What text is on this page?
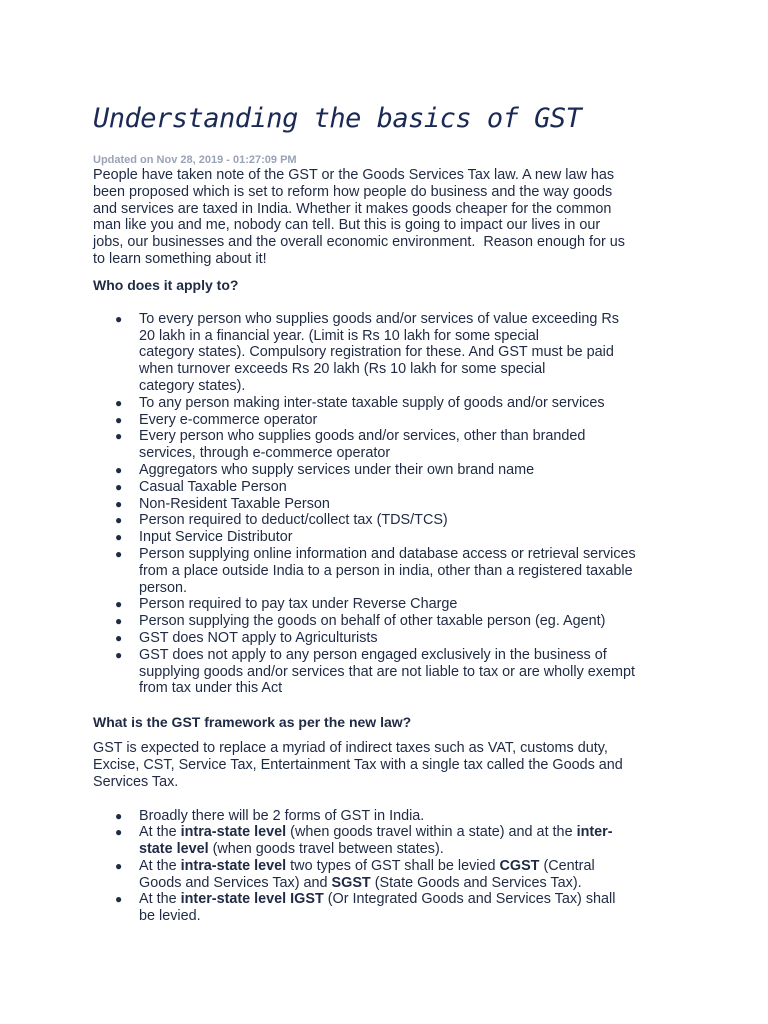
Understanding the basics of GST
Updated on Nov 28, 2019 - 01:27:09 PM

People have taken note of the GST or the Goods Services Tax law. A new law has

been proposed which is set to reform how people do business and the way goods

and services are taxed in India. Whether it makes goods cheaper for the common

man like you and me, nobody can tell. But this is going to impact our lives in our

jobs, our businesses and the overall economic environment.  Reason enough for us

to learn something about it!

Who does it apply to?
● To every person who supplies goods and/or services of value exceeding Rs
20 lakh in a financial year. (Limit is Rs 10 lakh for some special
category states). Compulsory registration for these. And GST must be paid
when turnover exceeds Rs 20 lakh (Rs 10 lakh for some special
category states).
● To any person making inter-state taxable supply of goods and/or services
● Every e-commerce operator
● Every person who supplies goods and/or services, other than branded
services, through e-commerce operator
● Aggregators who supply services under their own brand name
● Casual Taxable Person
● Non-Resident Taxable Person
● Person required to deduct/collect tax (TDS/TCS)
● Input Service Distributor
● Person supplying online information and database access or retrieval services
from a place outside India to a person in india, other than a registered taxable
person.
● Person required to pay tax under Reverse Charge
● Person supplying the goods on behalf of other taxable person (eg. Agent)
● GST does NOT apply to Agriculturists
● GST does not apply to any person engaged exclusively in the business of
supplying goods and/or services that are not liable to tax or are wholly exempt
from tax under this Act
What is the GST framework as per the new law?

GST is expected to replace a myriad of indirect taxes such as VAT, customs duty,

Excise, CST, Service Tax, Entertainment Tax with a single tax called the Goods and

Services Tax.

● Broadly there will be 2 forms of GST in India.
● At the intra-state level (when goods travel within a state) and at the inter-
state level (when goods travel between states).
● At the intra-state level two types of GST shall be levied CGST (Central
Goods and Services Tax) and SGST (State Goods and Services Tax).
● At the inter-state level IGST (Or Integrated Goods and Services Tax) shall
be levied.
